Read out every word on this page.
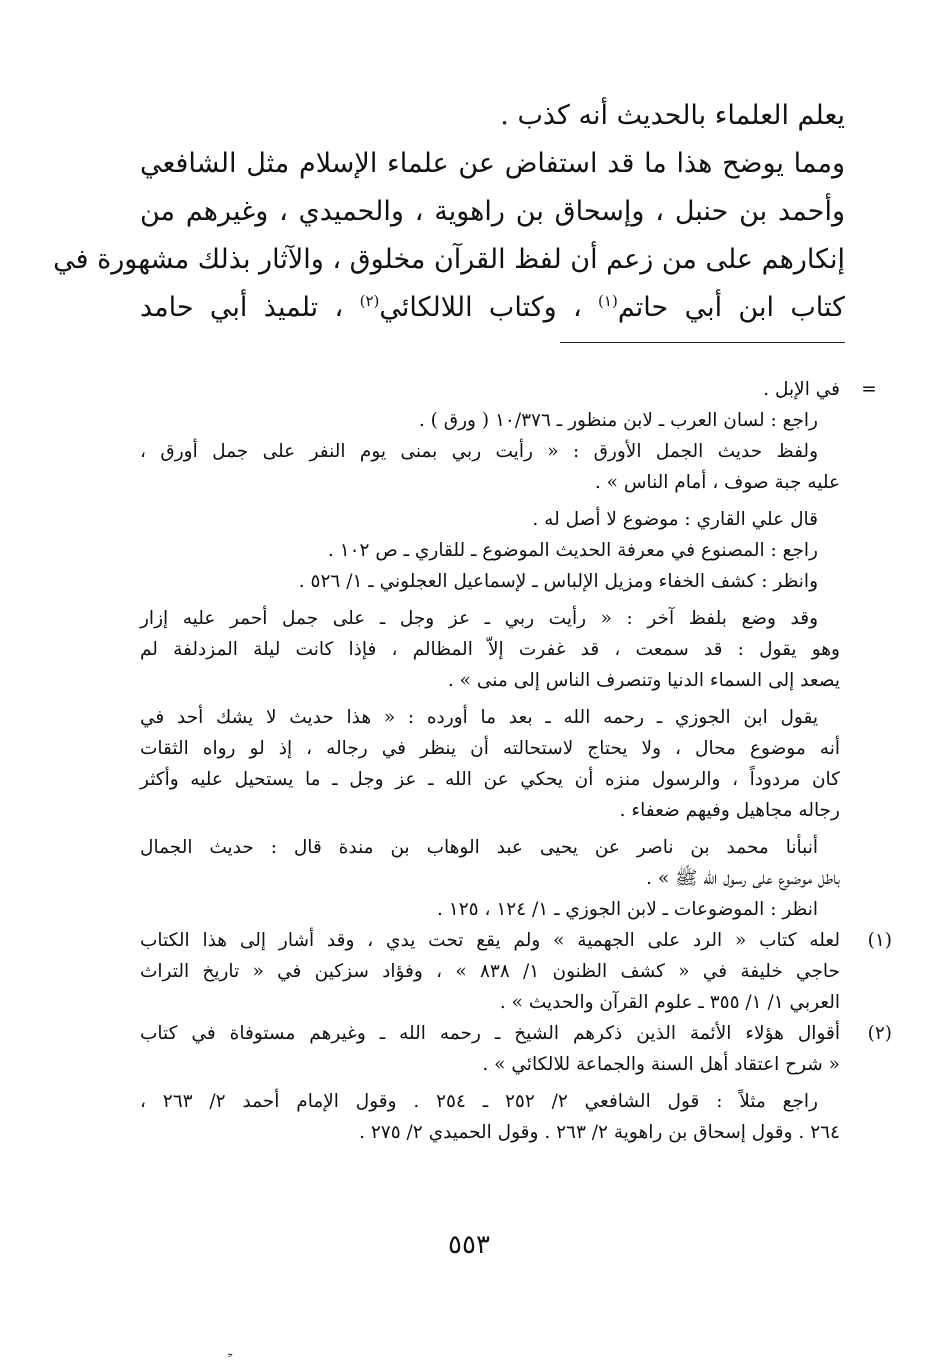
يعلم العلماء بالحديث أنه كذب .
ومما يوضح هذا ما قد استفاض عن علماء الإسلام مثل الشافعي
وأحمد بن حنبل ، وإسحاق بن راهوية ، والحميدي ، وغيرهم من
إنكارهم على من زعم أن لفظ القرآن مخلوق ، والآثار بذلك مشهورة في
كتاب ابن أبي حاتم$^{(١)}$ ، وكتاب اللالكائي$^{(٢)}$ ، تلميذ أبي حامد
=
في الإبل .
راجع : لسان العرب ـ لابن منظور ـ ١٠/٣٧٦ ( ورق ) .
ولفظ حديث الجمل الأورق : « رأيت ربي بمنى يوم النفر على جمل أورق ،
عليه جبة صوف ، أمام الناس » .
قال علي القاري : موضوع لا أصل له .
راجع : المصنوع في معرفة الحديث الموضوع ـ للقاري ـ ص ١٠٢ .
وانظر : كشف الخفاء ومزيل الإلباس ـ لإسماعيل العجلوني ـ ١/ ٥٢٦ .
وقد وضع بلفظ آخر : « رأيت ربي ـ عز وجل ـ على جمل أحمر عليه إزار
وهو يقول : قد سمعت ، قد غفرت إلاّ المظالم ، فإذا كانت ليلة المزدلفة لم
يصعد إلى السماء الدنيا وتنصرف الناس إلى منى » .
يقول ابن الجوزي ـ رحمه الله ـ بعد ما أورده : « هذا حديث لا يشك أحد في
أنه موضوع محال ، ولا يحتاج لاستحالته أن ينظر في رجاله ، إذ لو رواه الثقات
كان مردوداً ، والرسول منزه أن يحكي عن الله ـ عز وجل ـ ما يستحيل عليه وأكثر
رجاله مجاهيل وفيهم ضعفاء .
أنبأنا محمد بن ناصر عن يحيى عبد الوهاب بن مندة قال : حديث الجمال
باطل موضوع على رسول الله ﷺ » .
انظر : الموضوعات ـ لابن الجوزي ـ ١/ ١٢٤ ، ١٢٥ .
(١)
لعله كتاب « الرد على الجهمية » ولم يقع تحت يدي ، وقد أشار إلى هذا الكتاب
حاجي خليفة في « كشف الظنون ١/ ٨٣٨ » ، وفؤاد سزكين في « تاريخ التراث
العربي ١/ ١/ ٣٥٥ ـ علوم القرآن والحديث » .
(٢)
أقوال هؤلاء الأئمة الذين ذكرهم الشيخ ـ رحمه الله ـ وغيرهم مستوفاة في كتاب
« شرح اعتقاد أهل السنة والجماعة للالكائي » .
راجع مثلاً : قول الشافعي ٢/ ٢٥٢ ـ ٢٥٤ . وقول الإمام أحمد ٢/ ٢٦٣ ،
٢٦٤ . وقول إسحاق بن راهوية ٢/ ٢٦٣ . وقول الحميدي ٢/ ٢٧٥ .
٥٥٣
ـِ
